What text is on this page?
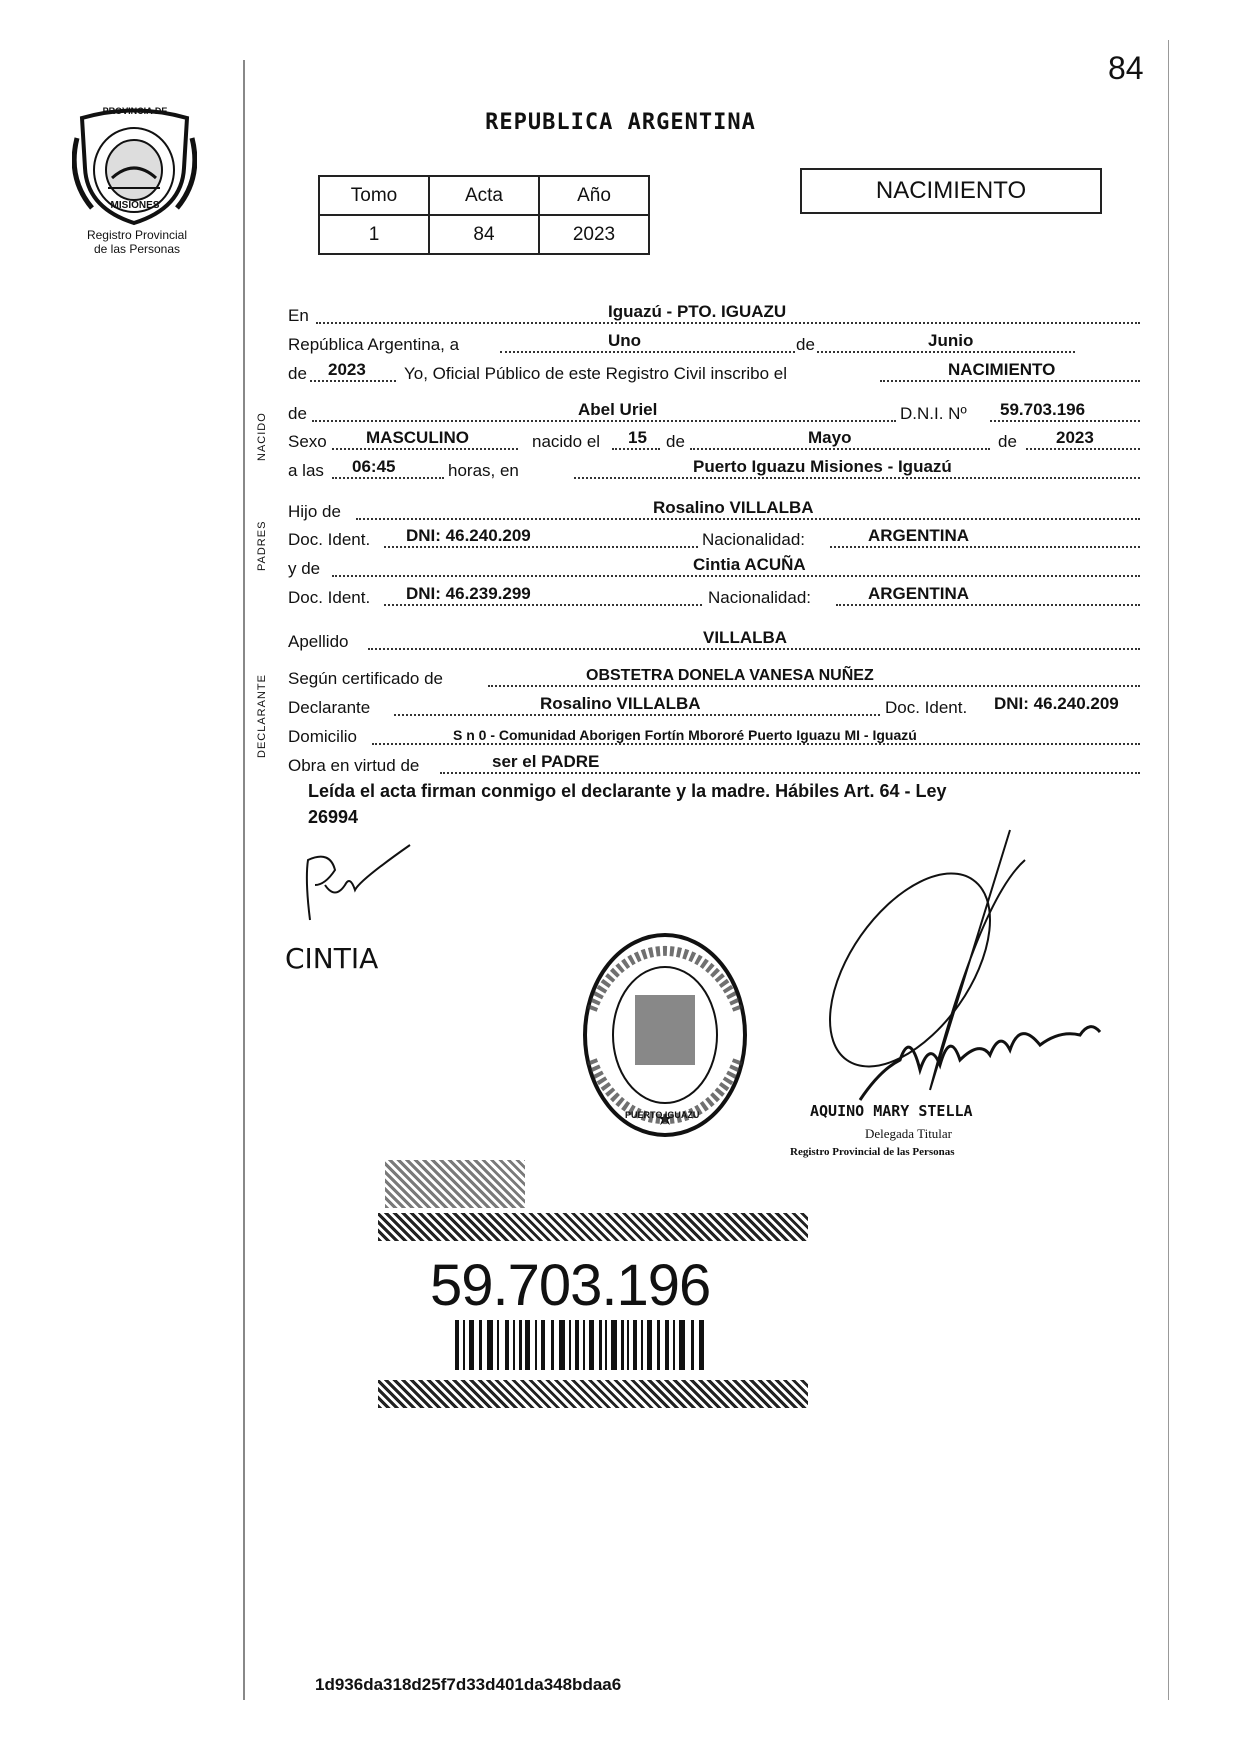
84
PROVINCIA DE
MISIONES
Registro Provincial
de las Personas
REPUBLICA ARGENTINA
Tomo	Acta	Año
1	84	2023
NACIMIENTO
NACIDO
PADRES
DECLARANTE
En	Iguazú - PTO. IGUAZU
República Argentina, a	Uno	de	Junio
de 2023 Yo, Oficial Público de este Registro Civil inscribo el	NACIMIENTO
de	Abel Uriel	D.N.I. Nº 59.703.196
Sexo MASCULINO	nacido el 15 de	Mayo	de 2023
a las 06:45	horas, en	Puerto Iguazu Misiones - Iguazú
Hijo de	Rosalino VILLALBA
Doc. Ident. DNI: 46.240.209	Nacionalidad:	ARGENTINA
y de	Cintia ACUÑA
Doc. Ident. DNI: 46.239.299	Nacionalidad:	ARGENTINA
Apellido	VILLALBA
Según certificado de	OBSTETRA DONELA VANESA NUÑEZ
Declarante	Rosalino VILLALBA	Doc. Ident. DNI: 46.240.209
Domicilio	S n 0 - Comunidad Aborigen Fortín Mbororé Puerto Iguazu MI - Iguazú
Obra en virtud de	ser el PADRE
Leída el acta firman conmigo el declarante y la madre. Hábiles Art. 64 - Ley
26994
CINTIA
PUERTO IGUAZU	AQUINO MARY STELLA
Delegada Titular
Registro Provincial de las Personas
59.703.196
1d936da318d25f7d33d401da348bdaa6
